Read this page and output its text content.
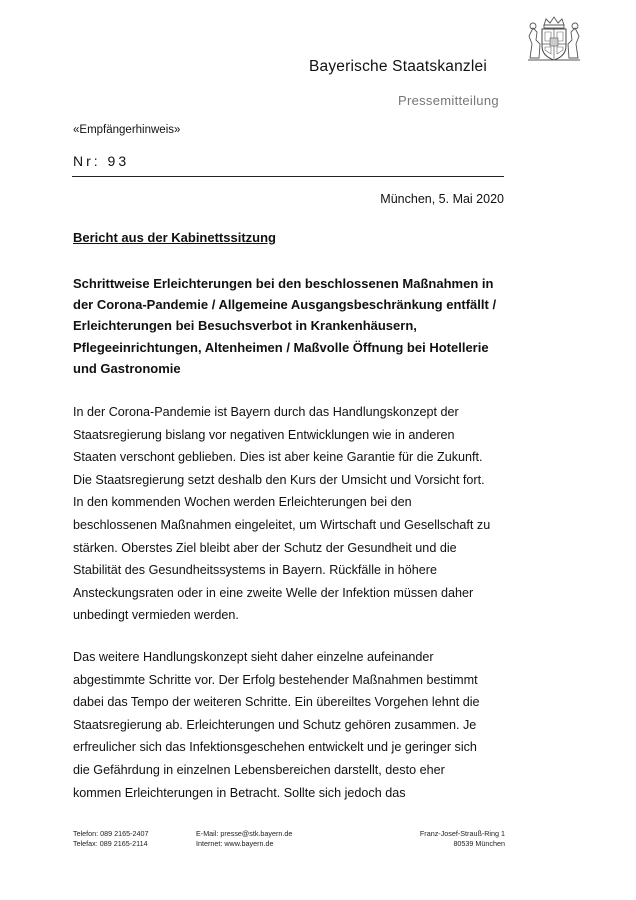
Bayerische Staatskanzlei
Pressemitteilung
«Empfängerhinweis»
Nr: 93
München, 5. Mai 2020
Bericht aus der Kabinettssitzung
Schrittweise Erleichterungen bei den beschlossenen Maßnahmen in
der Corona-Pandemie / Allgemeine Ausgangsbeschränkung entfällt /
Erleichterungen bei Besuchsverbot in Krankenhäusern,
Pflegeeinrichtungen, Altenheimen / Maßvolle Öffnung bei Hotellerie
und Gastronomie
In der Corona-Pandemie ist Bayern durch das Handlungskonzept der
Staatsregierung bislang vor negativen Entwicklungen wie in anderen
Staaten verschont geblieben. Dies ist aber keine Garantie für die Zukunft.
Die Staatsregierung setzt deshalb den Kurs der Umsicht und Vorsicht fort.
In den kommenden Wochen werden Erleichterungen bei den
beschlossenen Maßnahmen eingeleitet, um Wirtschaft und Gesellschaft zu
stärken. Oberstes Ziel bleibt aber der Schutz der Gesundheit und die
Stabilität des Gesundheitssystems in Bayern. Rückfälle in höhere
Ansteckungsraten oder in eine zweite Welle der Infektion müssen daher
unbedingt vermieden werden.
Das weitere Handlungskonzept sieht daher einzelne aufeinander
abgestimmte Schritte vor. Der Erfolg bestehender Maßnahmen bestimmt
dabei das Tempo der weiteren Schritte. Ein übereiltes Vorgehen lehnt die
Staatsregierung ab. Erleichterungen und Schutz gehören zusammen. Je
erfreulicher sich das Infektionsgeschehen entwickelt und je geringer sich
die Gefährdung in einzelnen Lebensbereichen darstellt, desto eher
kommen Erleichterungen in Betracht. Sollte sich jedoch das
Telefon: 089 2165-2407
Telefax: 089 2165-2114
E-Mail: presse@stk.bayern.de
Internet: www.bayern.de
Franz-Josef-Strauß-Ring 1
80539 München
